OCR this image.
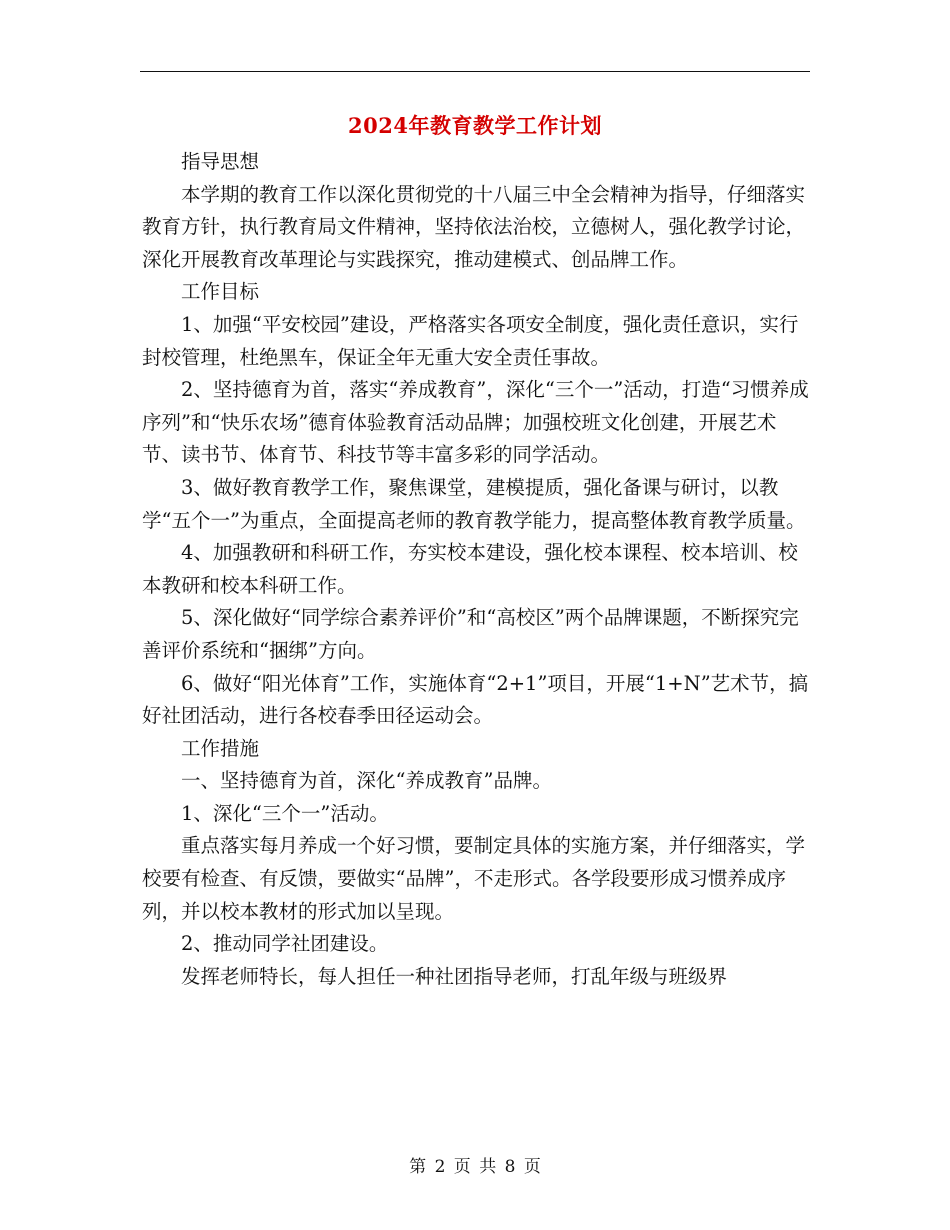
2024年教育教学工作计划

指导思想

本学期的教育工作以深化贯彻党的十八届三中全会精神为指导，仔细落实教育方针，执行教育局文件精神，坚持依法治校，立德树人，强化教学讨论，深化开展教育改革理论与实践探究，推动建模式、创品牌工作。

工作目标

1、加强“平安校园”建设，严格落实各项安全制度，强化责任意识，实行封校管理，杜绝黑车，保证全年无重大安全责任事故。

2、坚持德育为首，落实“养成教育”，深化“三个一”活动，打造“习惯养成序列”和“快乐农场”德育体验教育活动品牌；加强校班文化创建，开展艺术节、读书节、体育节、科技节等丰富多彩的同学活动。

3、做好教育教学工作，聚焦课堂，建模提质，强化备课与研讨，以教学“五个一”为重点，全面提高老师的教育教学能力，提高整体教育教学质量。

4、加强教研和科研工作，夯实校本建设，强化校本课程、校本培训、校本教研和校本科研工作。

5、深化做好“同学综合素养评价”和“高校区”两个品牌课题，不断探究完善评价系统和“捆绑”方向。

6、做好“阳光体育”工作，实施体育“2+1”项目，开展“1+N”艺术节，搞好社团活动，进行各校春季田径运动会。

工作措施

一、坚持德育为首，深化“养成教育”品牌。

1、深化“三个一”活动。

重点落实每月养成一个好习惯，要制定具体的实施方案，并仔细落实，学校要有检查、有反馈，要做实“品牌”，不走形式。各学段要形成习惯养成序列，并以校本教材的形式加以呈现。

2、推动同学社团建设。

发挥老师特长，每人担任一种社团指导老师，打乱年级与班级界

第 2 页 共 8 页
